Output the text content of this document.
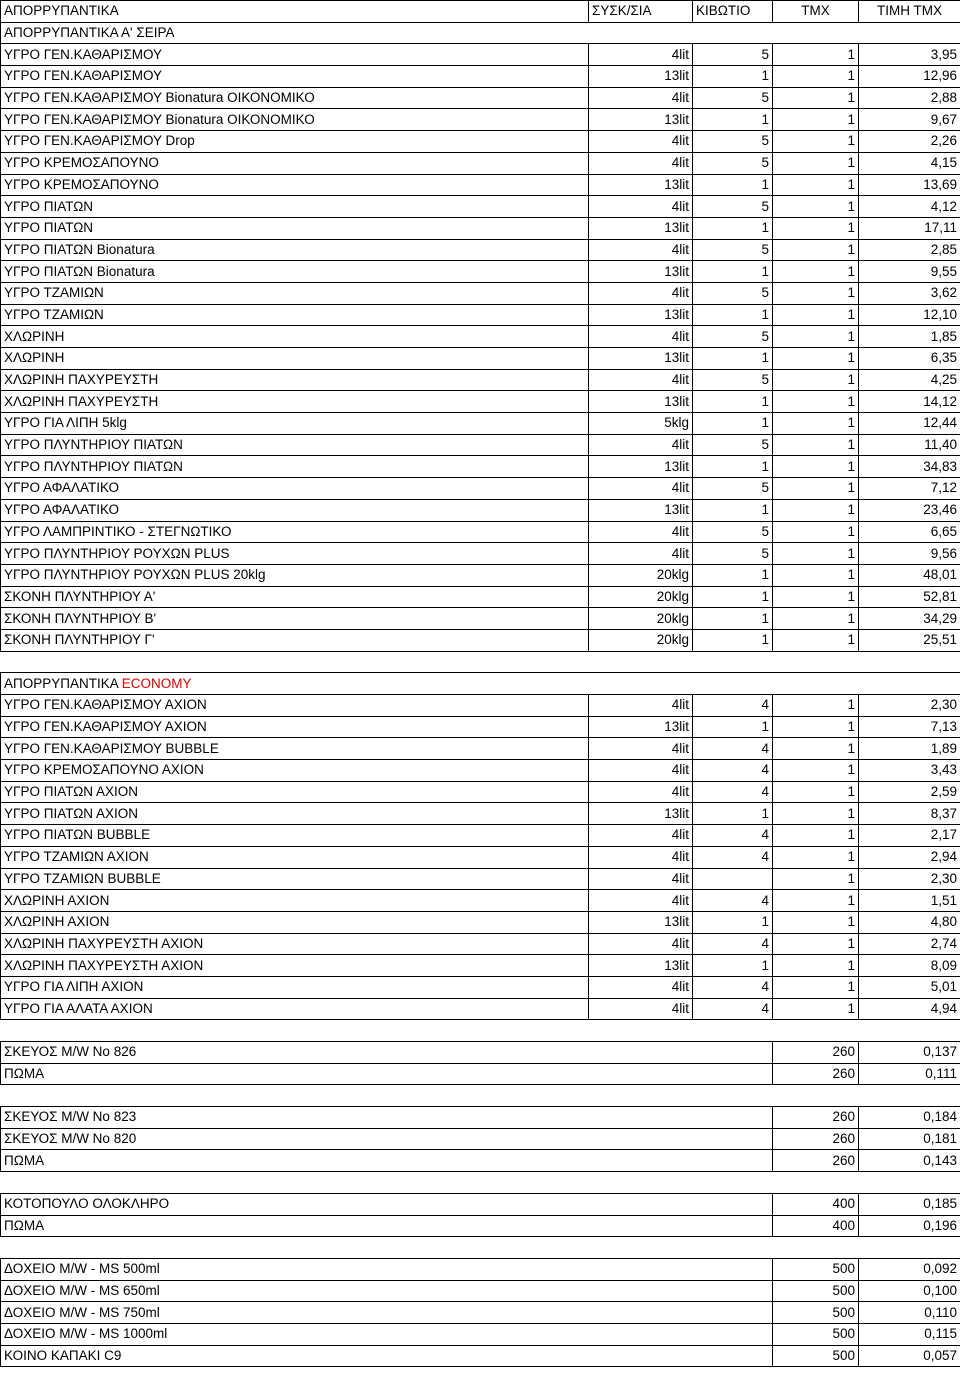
ΑΠΟΡΡΥΠΑΝΤΙΚΑ	ΣΥΣΚ/ΣΙΑ	ΚΙΒΩΤΙΟ	ΤΜΧ	ΤΙΜΗ ΤΜΧ
ΑΠΟΡΡΥΠΑΝΤΙΚΑ Α' ΣΕΙΡΑ				
ΥΓΡΟ ΓΕΝ.ΚΑΘΑΡΙΣΜΟΥ	4lit	5	1	3,95
ΥΓΡΟ ΓΕΝ.ΚΑΘΑΡΙΣΜΟΥ	13lit	1	1	12,96
ΥΓΡΟ ΓΕΝ.ΚΑΘΑΡΙΣΜΟΥ Bionatura ΟΙΚΟΝΟΜΙΚΟ	4lit	5	1	2,88
ΥΓΡΟ ΓΕΝ.ΚΑΘΑΡΙΣΜΟΥ Bionatura ΟΙΚΟΝΟΜΙΚΟ	13lit	1	1	9,67
ΥΓΡΟ ΓΕΝ.ΚΑΘΑΡΙΣΜΟΥ Drop	4lit	5	1	2,26
ΥΓΡΟ ΚΡΕΜΟΣΑΠΟΥΝΟ	4lit	5	1	4,15
ΥΓΡΟ ΚΡΕΜΟΣΑΠΟΥΝΟ	13lit	1	1	13,69
ΥΓΡΟ ΠΙΑΤΩΝ	4lit	5	1	4,12
ΥΓΡΟ ΠΙΑΤΩΝ	13lit	1	1	17,11
ΥΓΡΟ ΠΙΑΤΩΝ Bionatura	4lit	5	1	2,85
ΥΓΡΟ ΠΙΑΤΩΝ Bionatura	13lit	1	1	9,55
ΥΓΡΟ ΤΖΑΜΙΩΝ	4lit	5	1	3,62
ΥΓΡΟ ΤΖΑΜΙΩΝ	13lit	1	1	12,10
ΧΛΩΡΙΝΗ	4lit	5	1	1,85
ΧΛΩΡΙΝΗ	13lit	1	1	6,35
ΧΛΩΡΙΝΗ ΠΑΧΥΡΕΥΣΤΗ	4lit	5	1	4,25
ΧΛΩΡΙΝΗ ΠΑΧΥΡΕΥΣΤΗ	13lit	1	1	14,12
ΥΓΡΟ ΓΙΑ ΛΙΠΗ 5klg	5klg	1	1	12,44
ΥΓΡΟ ΠΛΥΝΤΗΡΙΟΥ ΠΙΑΤΩΝ	4lit	5	1	11,40
ΥΓΡΟ ΠΛΥΝΤΗΡΙΟΥ ΠΙΑΤΩΝ	13lit	1	1	34,83
ΥΓΡΟ ΑΦΑΛΑΤΙΚΟ	4lit	5	1	7,12
ΥΓΡΟ ΑΦΑΛΑΤΙΚΟ	13lit	1	1	23,46
ΥΓΡΟ ΛΑΜΠΡΙΝΤΙΚΟ - ΣΤΕΓΝΩΤΙΚΟ	4lit	5	1	6,65
ΥΓΡΟ ΠΛΥΝΤΗΡΙΟΥ ΡΟΥΧΩΝ PLUS	4lit	5	1	9,56
ΥΓΡΟ ΠΛΥΝΤΗΡΙΟΥ ΡΟΥΧΩΝ PLUS 20klg	20klg	1	1	48,01
ΣΚΟΝΗ ΠΛΥΝΤΗΡΙΟΥ Α'	20klg	1	1	52,81
ΣΚΟΝΗ ΠΛΥΝΤΗΡΙΟΥ Β'	20klg	1	1	34,29
ΣΚΟΝΗ ΠΛΥΝΤΗΡΙΟΥ Γ'	20klg	1	1	25,51

ΑΠΟΡΡΥΠΑΝΤΙΚΑ ECONOMY				
ΥΓΡΟ ΓΕΝ.ΚΑΘΑΡΙΣΜΟΥ ΑΧΙΟΝ	4lit	4	1	2,30
ΥΓΡΟ ΓΕΝ.ΚΑΘΑΡΙΣΜΟΥ ΑΧΙΟΝ	13lit	1	1	7,13
ΥΓΡΟ ΓΕΝ.ΚΑΘΑΡΙΣΜΟΥ BUBBLE	4lit	4	1	1,89
ΥΓΡΟ ΚΡΕΜΟΣΑΠΟΥΝΟ ΑΧΙΟΝ	4lit	4	1	3,43
ΥΓΡΟ ΠΙΑΤΩΝ ΑΧΙΟΝ	4lit	4	1	2,59
ΥΓΡΟ ΠΙΑΤΩΝ ΑΧΙΟΝ	13lit	1	1	8,37
ΥΓΡΟ ΠΙΑΤΩΝ BUBBLE	4lit	4	1	2,17
ΥΓΡΟ ΤΖΑΜΙΩΝ ΑΧΙΟΝ	4lit	4	1	2,94
ΥΓΡΟ ΤΖΑΜΙΩΝ BUBBLE	4lit		1	2,30
ΧΛΩΡΙΝΗ ΑΧΙΟΝ	4lit	4	1	1,51
ΧΛΩΡΙΝΗ ΑΧΙΟΝ	13lit	1	1	4,80
ΧΛΩΡΙΝΗ ΠΑΧΥΡΕΥΣΤΗ ΑΧΙΟΝ	4lit	4	1	2,74
ΧΛΩΡΙΝΗ ΠΑΧΥΡΕΥΣΤΗ ΑΧΙΟΝ	13lit	1	1	8,09
ΥΓΡΟ ΓΙΑ ΛΙΠΗ ΑΧΙΟΝ	4lit	4	1	5,01
ΥΓΡΟ ΓΙΑ ΑΛΑΤΑ ΑΧΙΟΝ	4lit	4	1	4,94

ΣΚΕΥΟΣ M/W No 826			260	0,137
ΠΩΜΑ			260	0,111

ΣΚΕΥΟΣ M/W No 823			260	0,184
ΣΚΕΥΟΣ M/W No 820			260	0,181
ΠΩΜΑ			260	0,143

ΚΟΤΟΠΟΥΛΟ ΟΛΟΚΛΗΡΟ			400	0,185
ΠΩΜΑ			400	0,196

ΔΟΧΕΙΟ M/W - MS 500ml			500	0,092
ΔΟΧΕΙΟ M/W - MS 650ml			500	0,100
ΔΟΧΕΙΟ M/W - MS 750ml			500	0,110
ΔΟΧΕΙΟ M/W - MS 1000ml			500	0,115
ΚΟΙΝΟ ΚΑΠΑΚΙ C9			500	0,057
